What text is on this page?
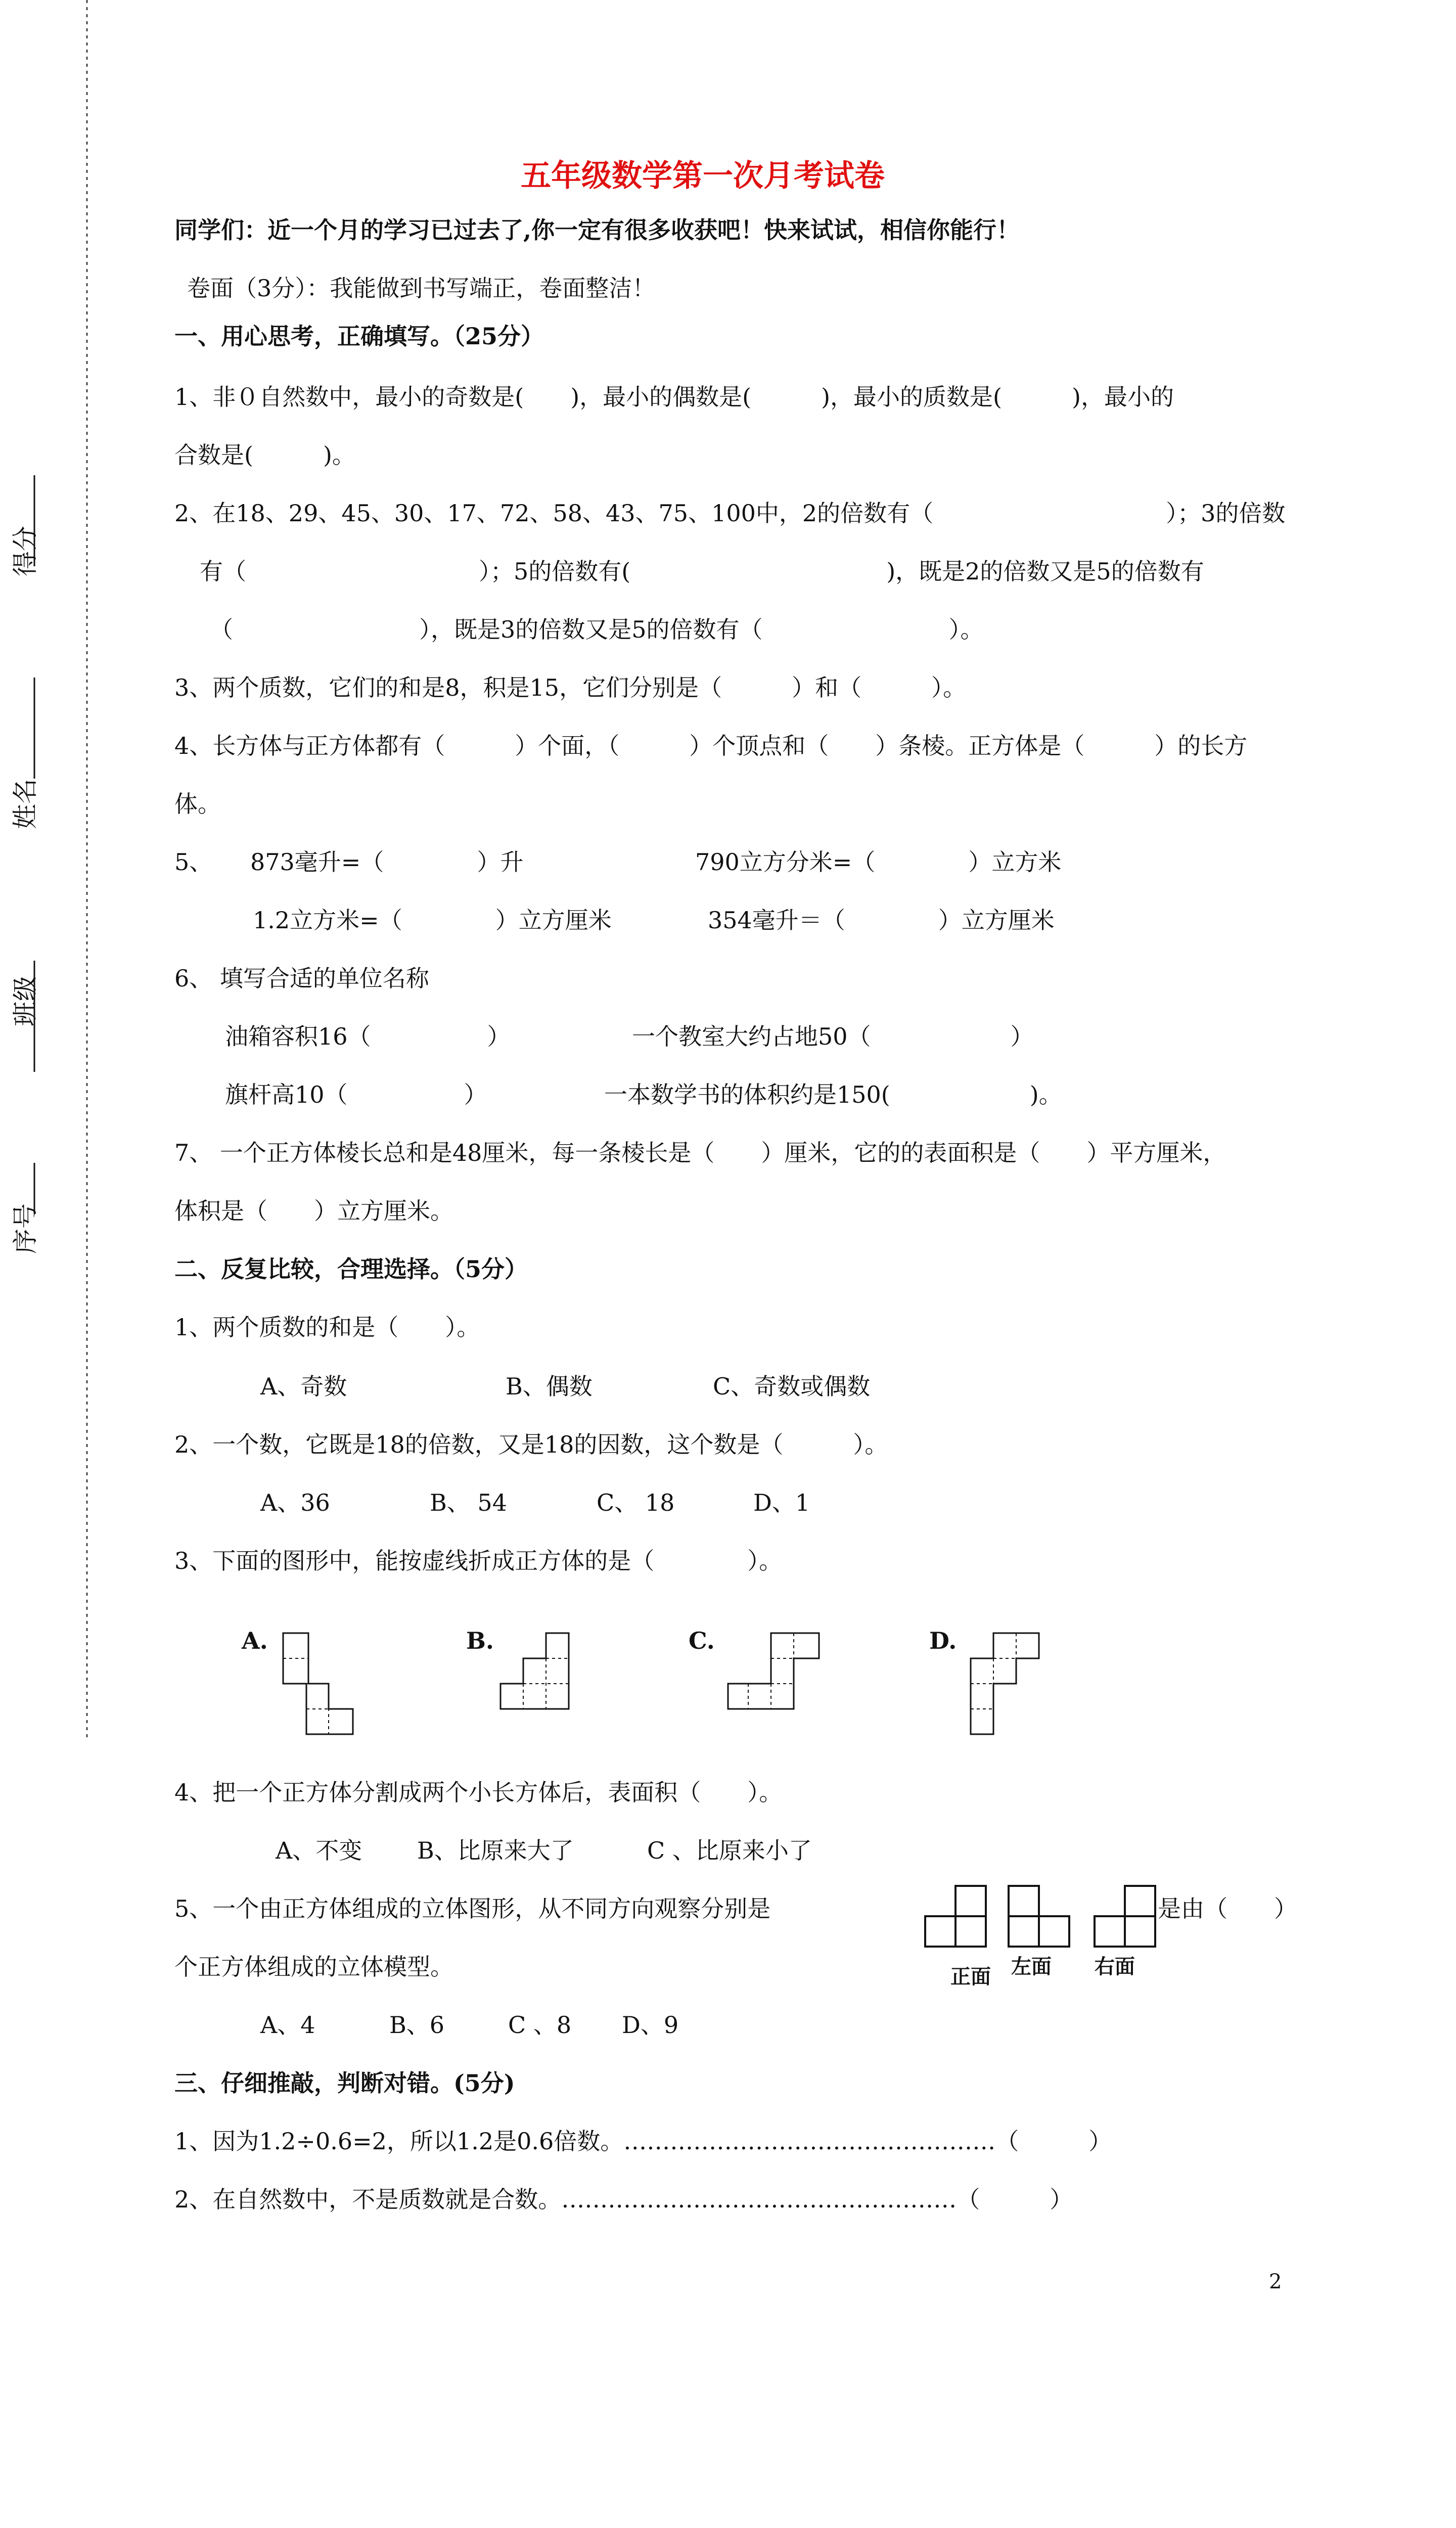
得分
姓名
班级
序号
五年级数学第一次月考试卷
同学们：近一个月的学习已过去了,你一定有很多收获吧！快来试试，相信你能行！
卷面（3分）：我能做到书写端正，卷面整洁！
一、用心思考，正确填写。（25分）
1、非０自然数中，最小的奇数是(　　)，最小的偶数是(　　　)，最小的质数是(　　　)，最小的
合数是(　　　)。
2、在18、29、45、30、17、72、58、43、75、100中，2的倍数有（　　　　　　　　　　）；3的倍数
有（　　　　　　　　　　）；5的倍数有(　　　　　　　　　　　)，既是2的倍数又是5的倍数有
（　　　　　　　　），既是3的倍数又是5的倍数有（　　　　　　　　）。
3、两个质数，它们的和是8，积是15，它们分别是（　　　）和（　　　）。
4、长方体与正方体都有（　　　）个面，（　　　）个顶点和（　　）条棱。正方体是（　　　）的长方
体。
5、 873毫升=（　　　　）升	790立方分米=（　　　　）立方米
1.2立方米=（　　　　）立方厘米	354毫升＝（　　　　）立方厘米
6、 填写合适的单位名称
油箱容积16（　　　　　）	一个教室大约占地50（　　　　　　）
旗杆高10（　　　　　）	一本数学书的体积约是150(　　　　　　)。
7、 一个正方体棱长总和是48厘米，每一条棱长是（　　）厘米，它的的表面积是（　　）平方厘米，
体积是（　　）立方厘米。
二、反复比较，合理选择。（5分）
1、两个质数的和是（　　）。
A、奇数	B、偶数	C、奇数或偶数
2、一个数，它既是18的倍数，又是18的因数，这个数是（　　　）。
A、36	B、 54	C、 18	D、1
3、下面的图形中，能按虚线折成正方体的是（　　　　）。
A.	B.	C.	D.
4、把一个正方体分割成两个小长方体后，表面积（　　）。
A、不变 B、比原来大了	C 、比原来小了
5、一个由正方体组成的立体图形，从不同方向观察分别是	是由（　　）
正面 左面 右面
个正方体组成的立体模型。
A、4	B、6	C 、8 D、9
三、仔细推敲，判断对错。(5分)
1、因为1.2÷0.6=2，所以1.2是0.6倍数。…………………………………………（　　　）
2、在自然数中，不是质数就是合数。……………………………………………（　　　）
2
